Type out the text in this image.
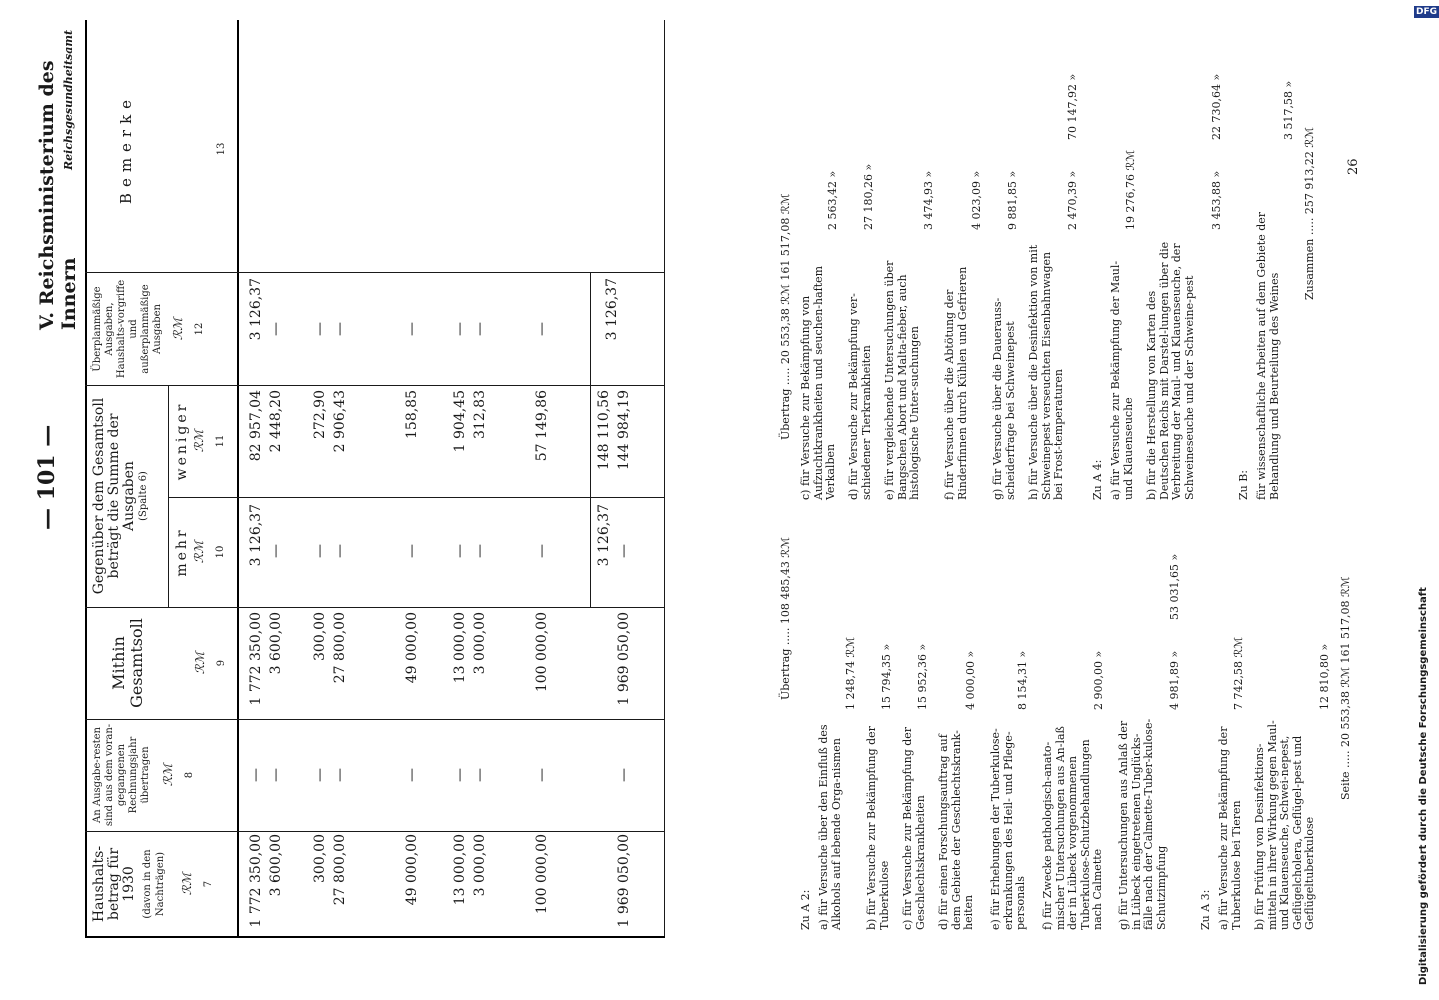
— 101 —
V. Reichsministerium des Innern
Reichsgesundheitsamt
Haushalts-betrag für 1930 (davon in den Nachträgen) ℛℳ 7
An Ausgabe-resten sind aus dem voran-gegangenen Rechnungsjahr übertragen ℛℳ 8
Mithin Gesamtsoll	ℛℳ 9
Gegenüber dem Gesamtsoll beträgt die Summe der Ausgaben (Spalte 6)
mehr ℛℳ 10
weniger ℛℳ 11
Überplanmäßige Ausgaben, Haushalts-vorgriffe und außerplanmäßige Ausgaben ℛℳ 12
Bemerke	13
1 772 350,00
—
1 772 350,00
3 126,37
82 957,04
3 126,37
3 600,00
—
3 600,00
—
2 448,20
—
300,00
—
300,00
—
272,90
—
27 800,00
—
27 800,00
—
2 906,43
—
49 000,00
—
49 000,00
—
158,85
—
13 000,00
—
13 000,00
—
1 904,45
—
3 000,00
—
3 000,00
—
312,83
—
100 000,00
—
100 000,00
—
57 149,86
—
1 969 050,00
—
1 969 050,00
3 126,37 —
148 110,56 144 984,19
3 126,37
Zu A 2: a) für Versuche über den Einfluß des Alkohols auf lebende Orga-nismen
1 248,74 ℛℳ
b) für Versuche zur Bekämpfung der Tuberkulose
15 794,35 »
c) für Versuche zur Bekämpfung der Geschlechtskrankheiten
15 952,36 »
d) für einen Forschungsauftrag auf dem Gebiete der Geschlechtskrank-heiten
4 000,00 »
e) für Erhebungen der Tuberkulose-erkrankungen des Heil- und Pflege-personals
8 154,31 »
f) für Zwecke pathologisch-anato-mischer Untersuchungen aus An-laß der in Lübeck vorgenommenen Tuberkulose-Schutzbehandlungen nach Calmette
2 900,00 »
g) für Untersuchungen aus Anlaß der in Lübeck eingetretenen Unglücks-fälle nach der Calmette-Tuber-kulose-Schutzimpfung
4 981,89 »
53 031,65 »
Übertrag ..... 108 485,43 ℛℳ
Zu A 3: a) für Versuche zur Bekämpfung der Tuberkulose bei Tieren
7 742,58 ℛℳ
b) für Prüfung von Desinfektions-mitteln in ihrer Wirkung gegen Maul- und Klauenseuche, Schwei-nepest, Geflügelcholera, Geflügel-pest und Geflügeltuberkulose
12 810,80 » Seite ..... 20 553,38 ℛℳ 161 517,08 ℛℳ
Übertrag ..... 20 553,38 ℛℳ 161 517,08 ℛℳ c) für Versuche zur Bekämpfung von Aufzuchtkrankheiten und seuchen-haftem Verkalben
2 563,42 »
d) für Versuche zur Bekämpfung ver-schiedener Tierkrankheiten
27 180,26 »
e) für vergleichende Untersuchungen über Bangschen Abort und Malta-fieber, auch histologische Unter-suchungen
3 474,93 »
f) für Versuche über die Abtötung der Rinderfinnen durch Kühlen und Gefrieren
4 023,09 »
g) für Versuche über die Dauerauss-scheiderfrage bei Schweinepest
9 881,85 »
h) für Versuche über die Desinfektion von mit Schweinepest verseuchten Eisenbahnwagen bei Frost-temperaturen
2 470,39 »
70 147,92 »
Zu A 4: a) für Versuche zur Bekämpfung der Maul- und Klauenseuche
19 276,76 ℛℳ
b) für die Herstellung von Karten des Deutschen Reichs mit Darstel-lungen über die Verbreitung der Maul- und Klauenseuche, der Schweineseuche und der Schweine-pest
3 453,88 »
22 730,64 »
Zu B: für wissenschaftliche Arbeiten auf dem Gebiete der Behandlung und Beurteilung des Weines
3 517,58 »
Zusammen ..... 257 913,22 ℛℳ 26
Digitalisierung gefördert durch die Deutsche Forschungsgemeinschaft
DFG
